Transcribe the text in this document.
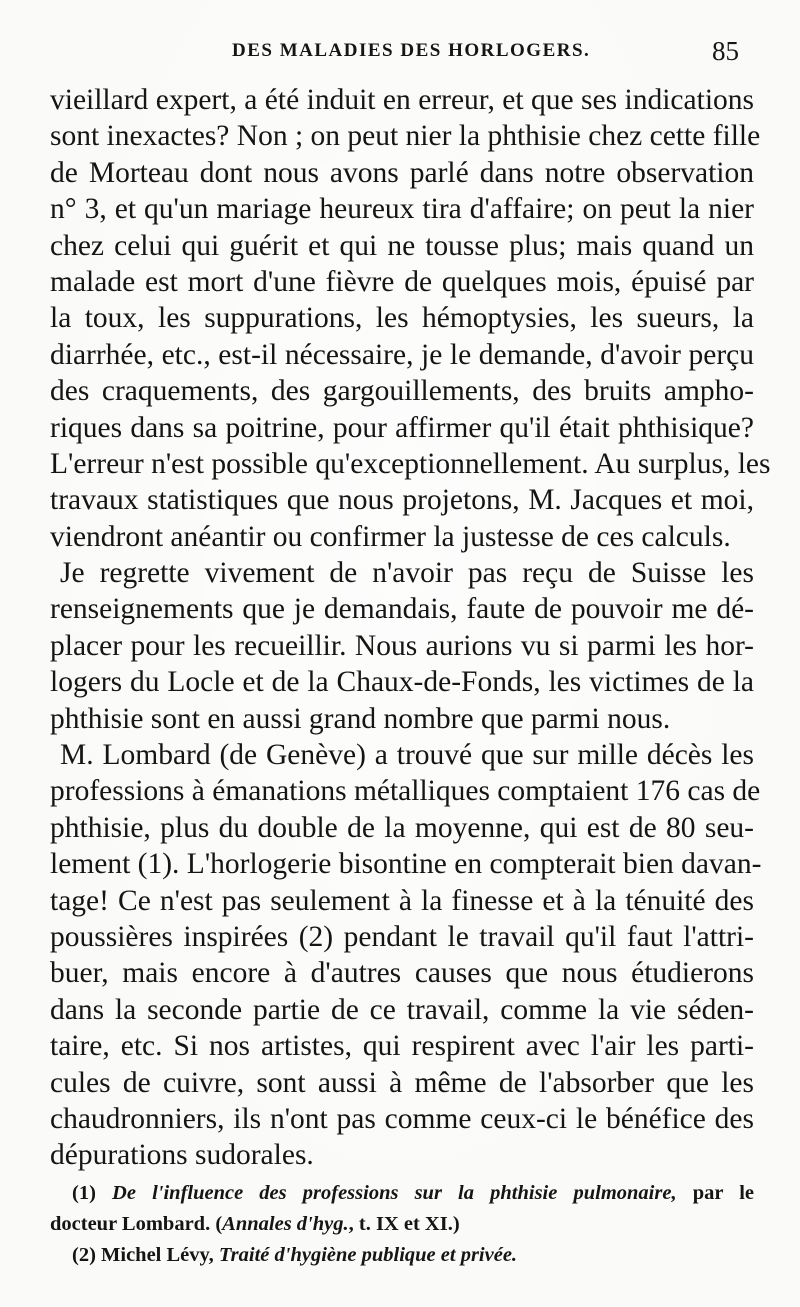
DES MALADIES DES HORLOGERS.	85
vieillard expert, a été induit en erreur, et que ses indications
sont inexactes? Non ; on peut nier la phthisie chez cette fille
de Morteau dont nous avons parlé dans notre observation
n° 3, et qu'un mariage heureux tira d'affaire; on peut la nier
chez celui qui guérit et qui ne tousse plus; mais quand un
malade est mort d'une fièvre de quelques mois, épuisé par
la toux, les suppurations, les hémoptysies, les sueurs, la
diarrhée, etc., est-il nécessaire, je le demande, d'avoir perçu
des craquements, des gargouillements, des bruits ampho-
riques dans sa poitrine, pour affirmer qu'il était phthisique?
L'erreur n'est possible qu'exceptionnellement. Au surplus, les
travaux statistiques que nous projetons, M. Jacques et moi,
viendront anéantir ou confirmer la justesse de ces calculs.
Je regrette vivement de n'avoir pas reçu de Suisse les
renseignements que je demandais, faute de pouvoir me dé-
placer pour les recueillir. Nous aurions vu si parmi les hor-
logers du Locle et de la Chaux-de-Fonds, les victimes de la
phthisie sont en aussi grand nombre que parmi nous.
M. Lombard (de Genève) a trouvé que sur mille décès les
professions à émanations métalliques comptaient 176 cas de
phthisie, plus du double de la moyenne, qui est de 80 seu-
lement (1). L'horlogerie bisontine en compterait bien davan-
tage! Ce n'est pas seulement à la finesse et à la ténuité des
poussières inspirées (2) pendant le travail qu'il faut l'attri-
buer, mais encore à d'autres causes que nous étudierons
dans la seconde partie de ce travail, comme la vie séden-
taire, etc. Si nos artistes, qui respirent avec l'air les parti-
cules de cuivre, sont aussi à même de l'absorber que les
chaudronniers, ils n'ont pas comme ceux-ci le bénéfice des
dépurations sudorales.
(1) De l'influence des professions sur la phthisie pulmonaire, par le
docteur Lombard. (Annales d'hyg., t. IX et XI.)
(2) Michel Lévy, Traité d'hygiène publique et privée.
